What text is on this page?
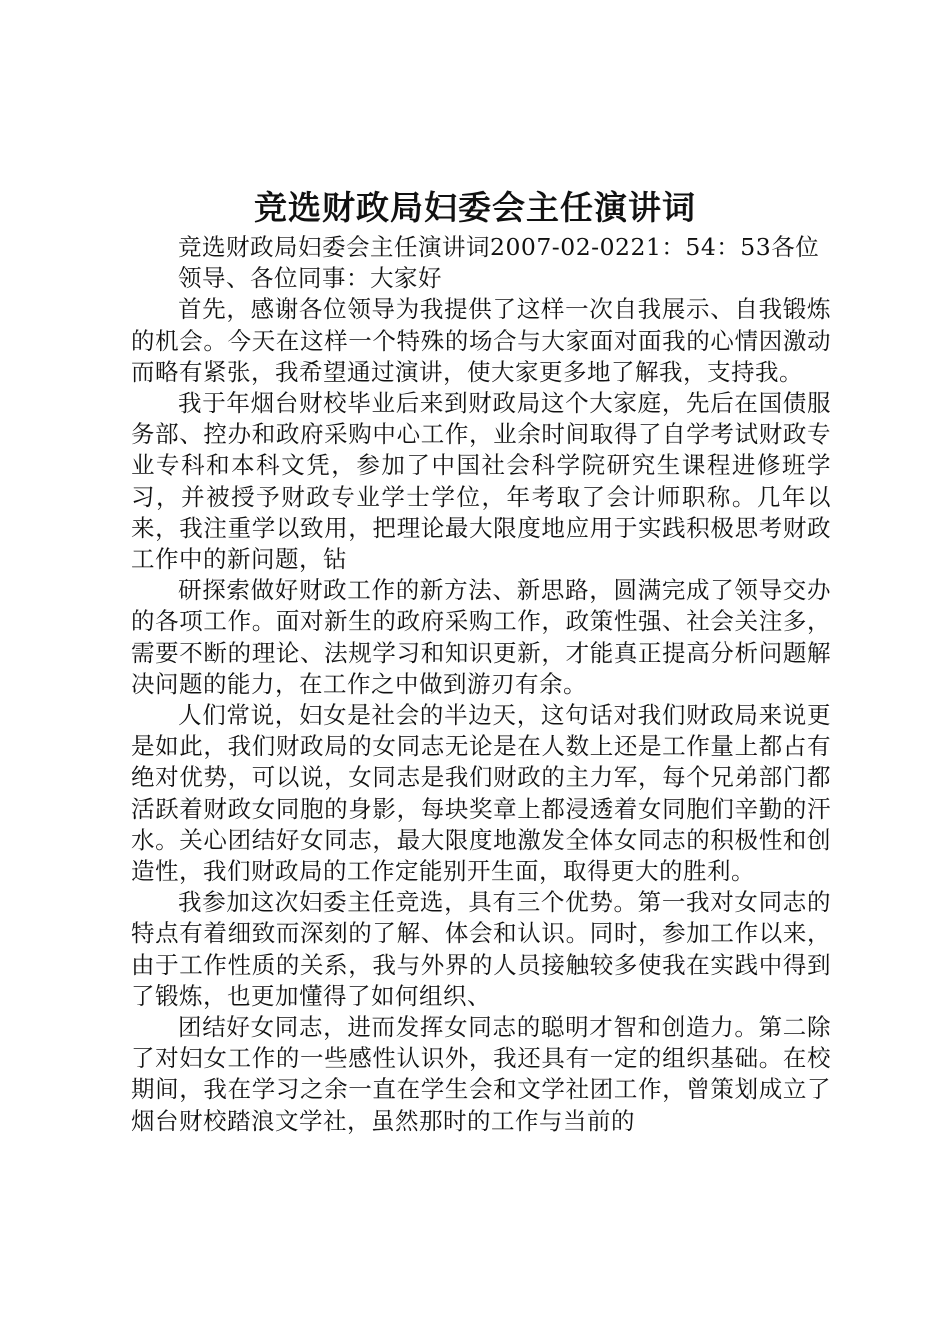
竞选财政局妇委会主任演讲词

竞选财政局妇委会主任演讲词2007-02-0221：54：53各位领导、各位同事：大家好

首先，感谢各位领导为我提供了这样一次自我展示、自我锻炼的机会。今天在这样一个特殊的场合与大家面对面我的心情因激动而略有紧张，我希望通过演讲，使大家更多地了解我，支持我。

我于年烟台财校毕业后来到财政局这个大家庭，先后在国债服务部、控办和政府采购中心工作，业余时间取得了自学考试财政专业专科和本科文凭，参加了中国社会科学院研究生课程进修班学习，并被授予财政专业学士学位，年考取了会计师职称。几年以来，我注重学以致用，把理论最大限度地应用于实践积极思考财政工作中的新问题，钻

研探索做好财政工作的新方法、新思路，圆满完成了领导交办的各项工作。面对新生的政府采购工作，政策性强、社会关注多，需要不断的理论、法规学习和知识更新，才能真正提高分析问题解决问题的能力，在工作之中做到游刃有余。

人们常说，妇女是社会的半边天，这句话对我们财政局来说更是如此，我们财政局的女同志无论是在人数上还是工作量上都占有绝对优势，可以说，女同志是我们财政的主力军，每个兄弟部门都活跃着财政女同胞的身影，每块奖章上都浸透着女同胞们辛勤的汗水。关心团结好女同志，最大限度地激发全体女同志的积极性和创造性，我们财政局的工作定能别开生面，取得更大的胜利。

我参加这次妇委主任竞选，具有三个优势。第一我对女同志的特点有着细致而深刻的了解、体会和认识。同时，参加工作以来，由于工作性质的关系，我与外界的人员接触较多使我在实践中得到了锻炼，也更加懂得了如何组织、

团结好女同志，进而发挥女同志的聪明才智和创造力。第二除了对妇女工作的一些感性认识外，我还具有一定的组织基础。在校期间，我在学习之余一直在学生会和文学社团工作，曾策划成立了烟台财校踏浪文学社，虽然那时的工作与当前的
